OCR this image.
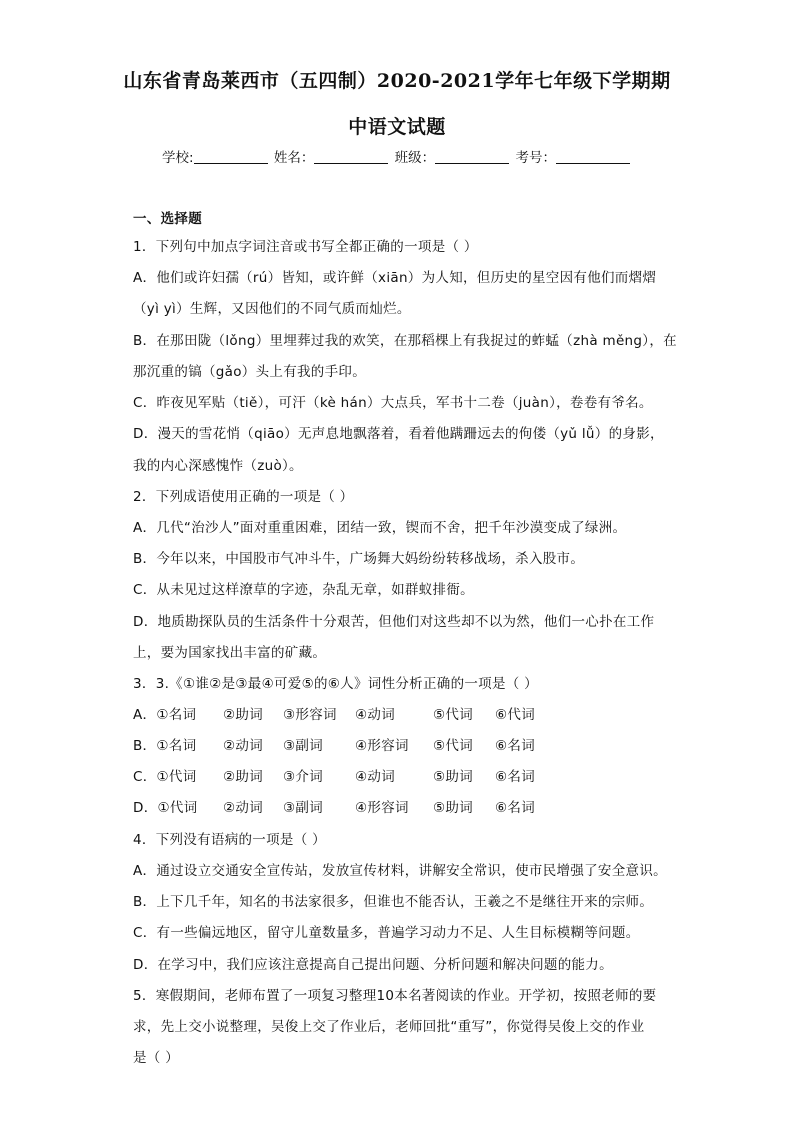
山东省青岛莱西市（五四制）2020-2021学年七年级下学期期
中语文试题
学校:	姓名：	班级：	考号：
一、选择题
1．下列句中加点字词注音或书写全都正确的一项是（ ）
A．他们或许妇孺（rú）皆知，或许鲜（xiān）为人知，但历史的星空因有他们而熠熠
（yì yì）生辉，又因他们的不同气质而灿烂。
B．在那田陇（lǒng）里埋葬过我的欢笑，在那稻棵上有我捉过的蚱蜢（zhà měng），在
那沉重的镐（gǎo）头上有我的手印。
C．昨夜见军贴（tiě），可汗（kè hán）大点兵，军书十二卷（juàn），卷卷有爷名。
D．漫天的雪花悄（qiāo）无声息地飘落着，看着他蹒跚远去的佝偻（yǔ lǚ）的身影，
我的内心深感愧怍（zuò）。
2．下列成语使用正确的一项是（ ）
A．几代“治沙人”面对重重困难，团结一致，锲而不舍，把千年沙漠变成了绿洲。
B．今年以来，中国股市气冲斗牛，广场舞大妈纷纷转移战场，杀入股市。
C．从未见过这样潦草的字迹，杂乱无章，如群蚁排衙。
D．地质勘探队员的生活条件十分艰苦，但他们对这些却不以为然，他们一心扑在工作
上，要为国家找出丰富的矿藏。
3．3.《①谁②是③最④可爱⑤的⑥人》词性分析正确的一项是（ ）
A．①名词 ②助词 ③形容词 ④动词	⑤代词 ⑥代词
B．①名词 ②动词 ③副词 ④形容词 ⑤代词 ⑥名词
C．①代词 ②助词 ③介词 ④动词	⑤助词 ⑥名词
D．①代词 ②动词 ③副词 ④形容词 ⑤助词 ⑥名词
4．下列没有语病的一项是（ ）
A．通过设立交通安全宣传站，发放宣传材料，讲解安全常识，使市民增强了安全意识。
B．上下几千年，知名的书法家很多，但谁也不能否认，王羲之不是继往开来的宗师。
C．有一些偏远地区，留守儿童数量多，普遍学习动力不足、人生目标模糊等问题。
D．在学习中，我们应该注意提高自己提出问题、分析问题和解决问题的能力。
5．寒假期间，老师布置了一项复习整理10本名著阅读的作业。开学初，按照老师的要
求，先上交小说整理，吴俊上交了作业后，老师回批“重写”，你觉得吴俊上交的作业
是（ ）
